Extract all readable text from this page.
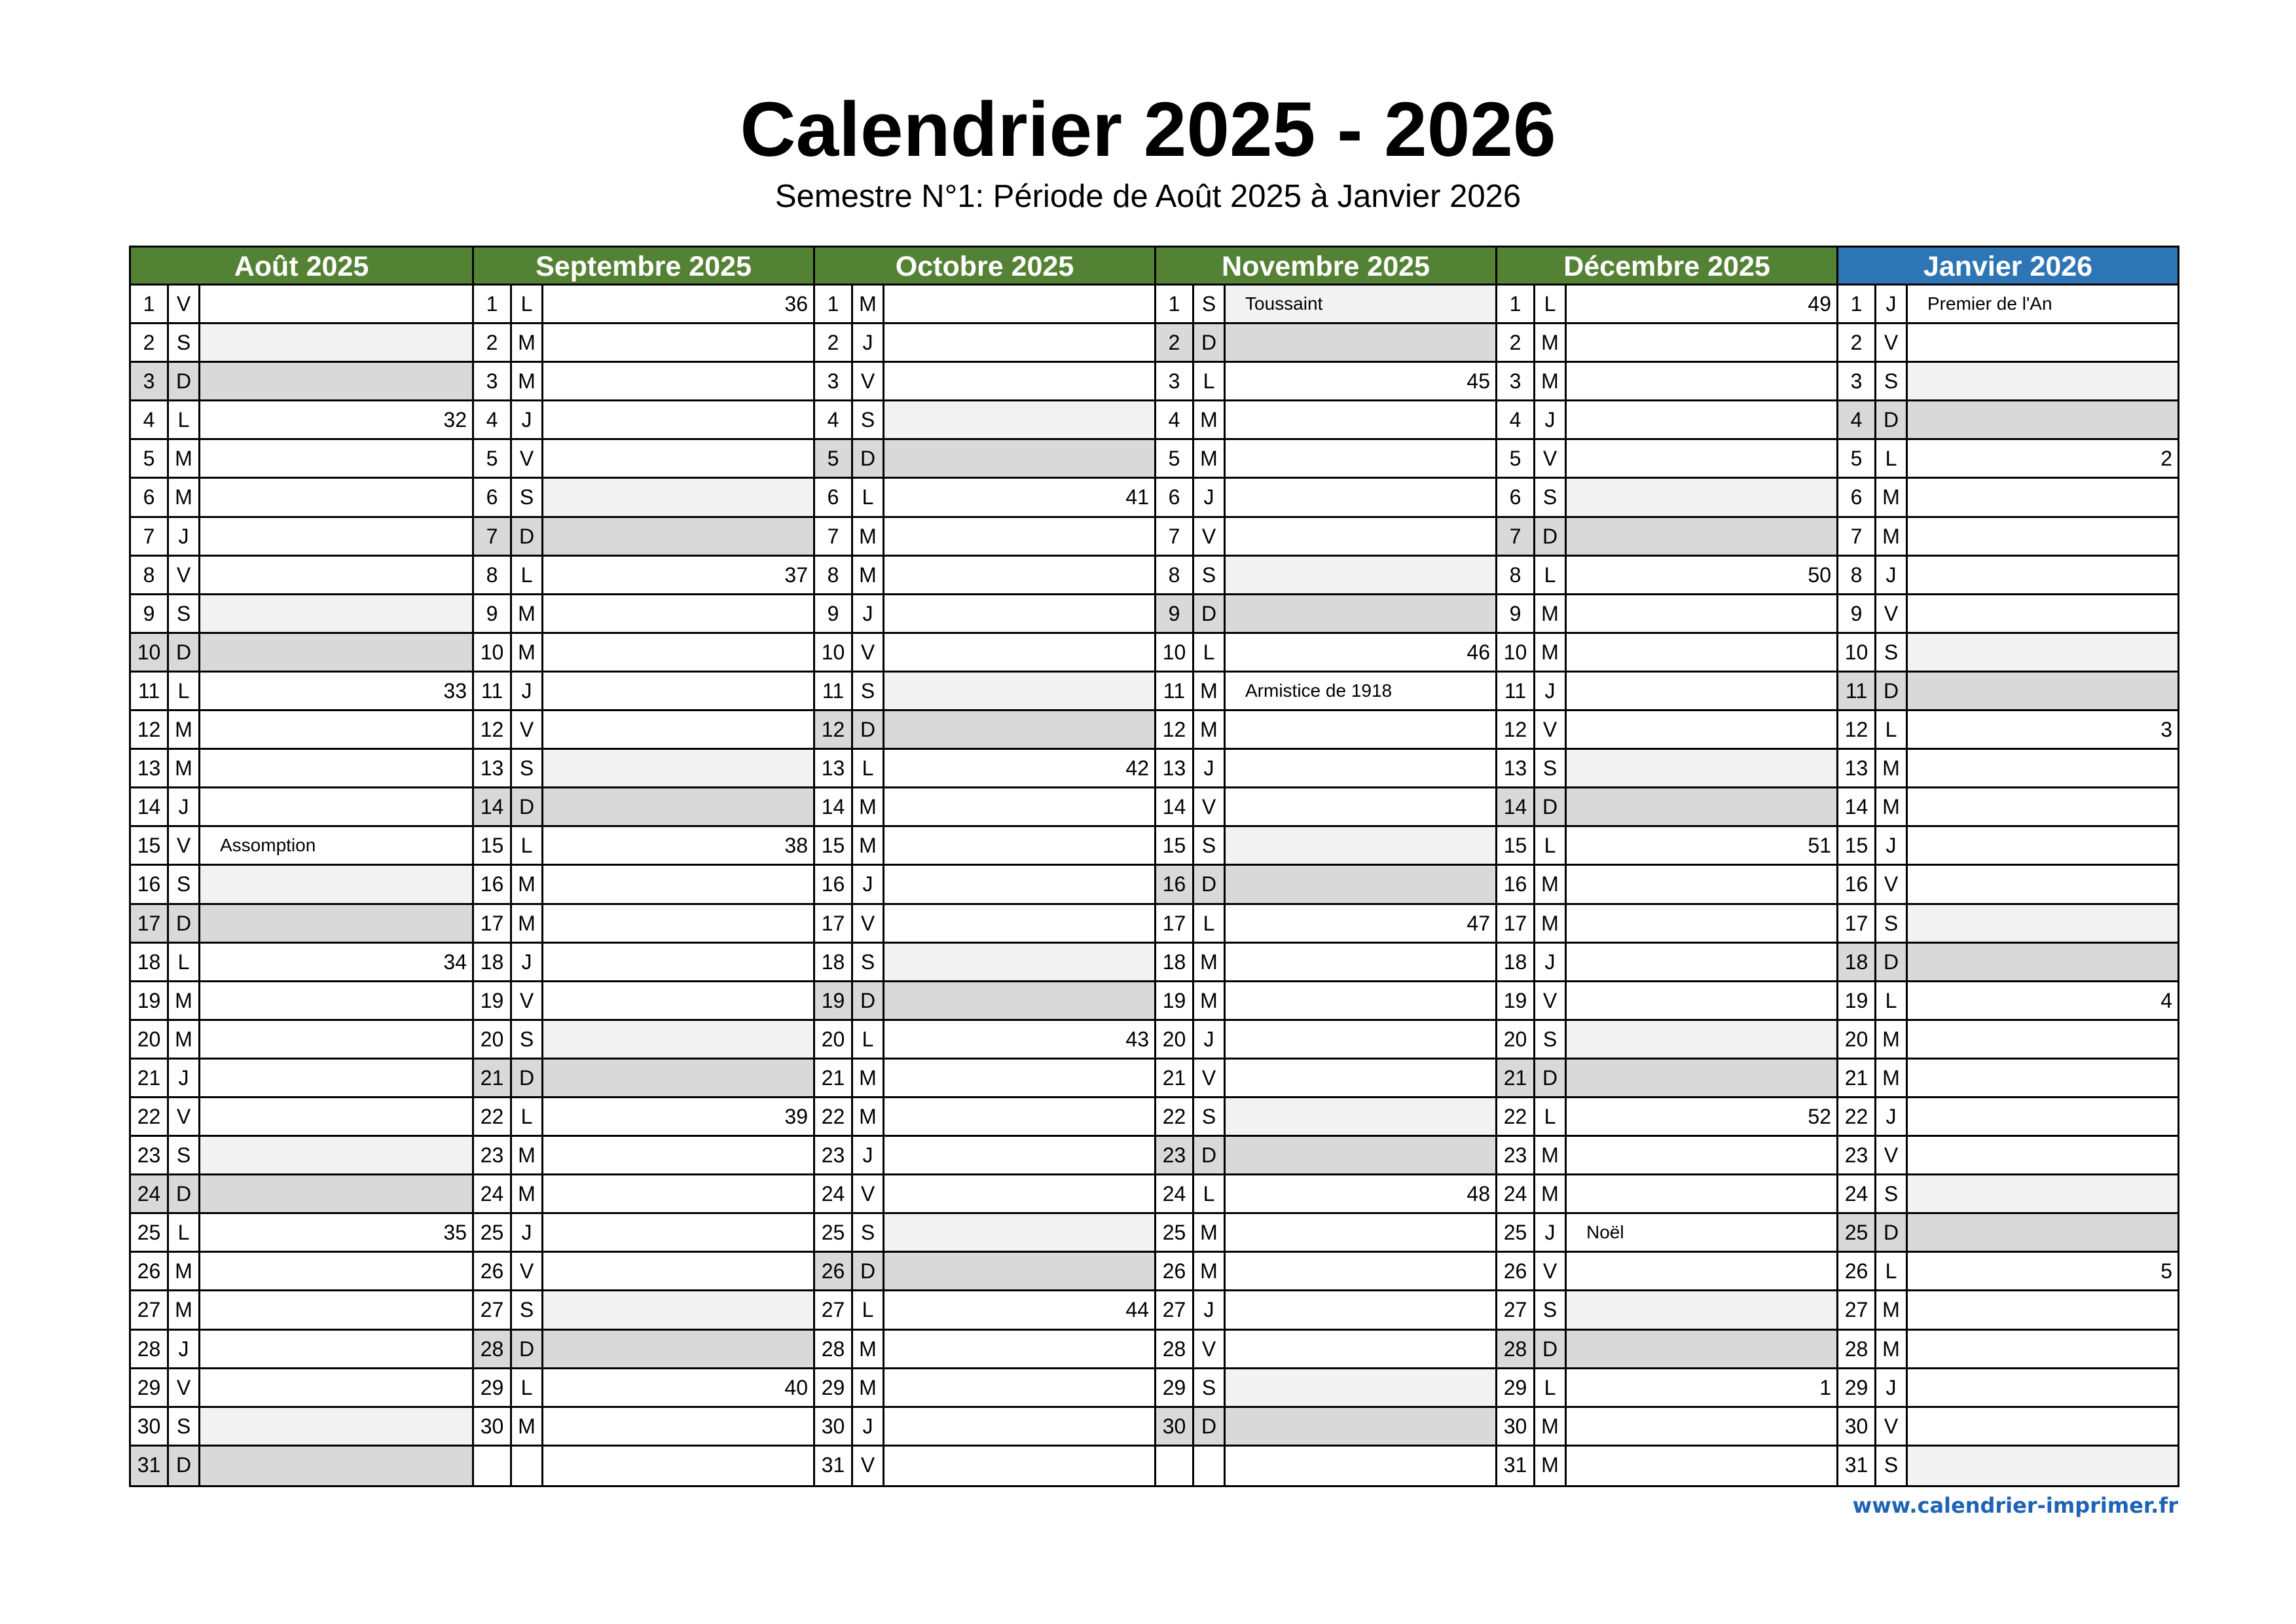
Calendrier 2025 - 2026
Semestre N°1: Période de Août 2025 à Janvier 2026
Août 2025
1	V
2	S
3	D
4	L	32
5 M
6 M
7	J
8	V
9	S
10 D
11 L	33
12 M
13 M
14 J
15 V	Assomption
16 S
17 D
18 L	34
19 M
20 M
21 J
22 V
23 S
24 D
25 L	35
26 M
27 M
28 J
29 V
30 S
31 D
Septembre 2025
1	L	36
2 M
3 M
4	J
5	V
6	S
7	D
8	L	37
9 M
10 M
11 J
12 V
13 S
14 D
15 L	38
16 M
17 M
18 J
19 V
20 S
21 D
22 L	39
23 M
24 M
25 J
26 V
27 S
28 D
29 L	40
30 M
Octobre 2025
1 M
2	J
3	V
4	S
5	D
6	L	41
7 M
8 M
9	J
10 V
11 S
12 D
13 L	42
14 M
15 M
16 J
17 V
18 S
19 D
20 L	43
21 M
22 M
23 J
24 V
25 S
26 D
27 L	44
28 M
29 M
30 J
31 V
Novembre 2025
1	S	Toussaint
2	D
3	L	45
4 M
5 M
6	J
7	V
8	S
9	D
10 L	46
11 M	Armistice de 1918
12 M
13 J
14 V
15 S
16 D
17 L	47
18 M
19 M
20 J
21 V
22 S
23 D
24 L	48
25 M
26 M
27 J
28 V
29 S
30 D
Décembre 2025
1	L	49
2 M
3 M
4	J
5	V
6	S
7	D
8	L	50
9 M
10 M
11 J
12 V
13 S
14 D
15 L	51
16 M
17 M
18 J
19 V
20 S
21 D
22 L	52
23 M
24 M
25 J	Noël
26 V
27 S
28 D
29 L	1
30 M
31 M
Janvier 2026
1	J	Premier de l'An
2	V
3	S
4	D
5	L	2
6 M
7 M
8	J
9	V
10 S
11 D
12 L	3
13 M
14 M
15 J
16 V
17 S
18 D
19 L	4
20 M
21 M
22 J
23 V
24 S
25 D
26 L	5
27 M
28 M
29 J
30 V
31 S
www.calendrier-imprimer.fr
